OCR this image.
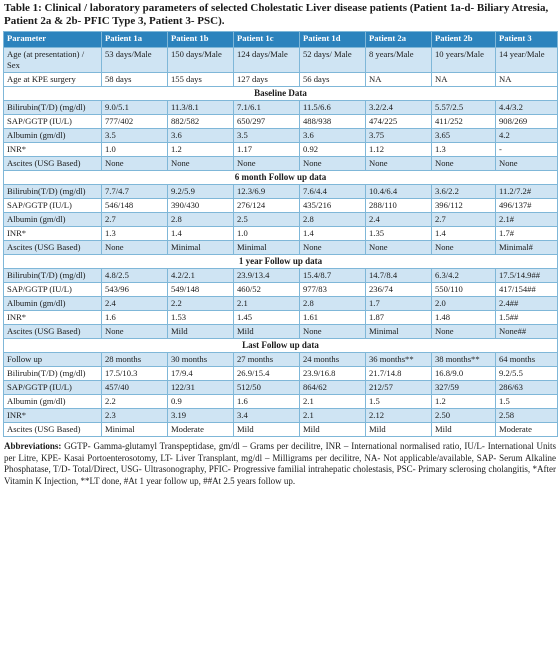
Table 1: Clinical / laboratory parameters of selected Cholestatic Liver disease patients (Patient 1a-d- Biliary Atresia, Patient 2a & 2b- PFIC Type 3, Patient 3- PSC).
Parameter	Patient 1a	Patient 1b	Patient 1c	Patient 1d	Patient 2a	Patient 2b	Patient 3
Age (at presentation) / Sex	53 days/Male	150 days/Male	124 days/Male	52 days/ Male	8 years/Male	10 years/Male	14 year/Male
Age at KPE surgery	58 days	155 days	127 days	56 days	NA	NA	NA
Baseline Data							
Bilirubin(T/D) (mg/dl)	9.0/5.1	11.3/8.1	7.1/6.1	11.5/6.6	3.2/2.4	5.57/2.5	4.4/3.2
SAP/GGTP (IU/L)	777/402	882/582	650/297	488/938	474/225	411/252	908/269
Albumin (gm/dl)	3.5	3.6	3.5	3.6	3.75	3.65	4.2
INR*	1.0	1.2	1.17	0.92	1.12	1.3	-
Ascites (USG Based)	None	None	None	None	None	None	None
6 month Follow up data							
Bilirubin(T/D) (mg/dl)	7.7/4.7	9.2/5.9	12.3/6.9	7.6/4.4	10.4/6.4	3.6/2.2	11.2/7.2#
SAP/GGTP (IU/L)	546/148	390/430	276/124	435/216	288/110	396/112	496/137#
Albumin (gm/dl)	2.7	2.8	2.5	2.8	2.4	2.7	2.1#
INR*	1.3	1.4	1.0	1.4	1.35	1.4	1.7#
Ascites (USG Based)	None	Minimal	Minimal	None	None	None	Minimal#
1 year Follow up data							
Bilirubin(T/D) (mg/dl)	4.8/2.5	4.2/2.1	23.9/13.4	15.4/8.7	14.7/8.4	6.3/4.2	17.5/14.9##
SAP/GGTP (IU/L)	543/96	549/148	460/52	977/83	236/74	550/110	417/154##
Albumin (gm/dl)	2.4	2.2	2.1	2.8	1.7	2.0	2.4##
INR*	1.6	1.53	1.45	1.61	1.87	1.48	1.5##
Ascites (USG Based)	None	Mild	Mild	None	Minimal	None	None##
Last Follow up data							
Follow up	28 months	30 months	27 months	24 months	36 months**	38 months**	64 months
Bilirubin(T/D) (mg/dl)	17.5/10.3	17/9.4	26.9/15.4	23.9/16.8	21.7/14.8	16.8/9.0	9.2/5.5
SAP/GGTP (IU/L)	457/40	122/31	512/50	864/62	212/57	327/59	286/63
Albumin (gm/dl)	2.2	0.9	1.6	2.1	1.5	1.2	1.5
INR*	2.3	3.19	3.4	2.1	2.12	2.50	2.58
Ascites (USG Based)	Minimal	Moderate	Mild	Mild	Mild	Mild	Moderate
Abbreviations: GGTP- Gamma-glutamyl Transpeptidase, gm/dl – Grams per decilitre, INR – International normalised ratio, IU/L- International Units per Litre, KPE- Kasai Portoenterosotomy, LT- Liver Transplant, mg/dl – Milligrams per decilitre, NA- Not applicable/available, SAP- Serum Alkaline Phosphatase, T/D- Total/Direct, USG- Ultrasonography, PFIC- Progressive familial intrahepatic cholestasis, PSC- Primary sclerosing cholangitis, *After Vitamin K Injection, **LT done, #At 1 year follow up, ##At 2.5 years follow up.
